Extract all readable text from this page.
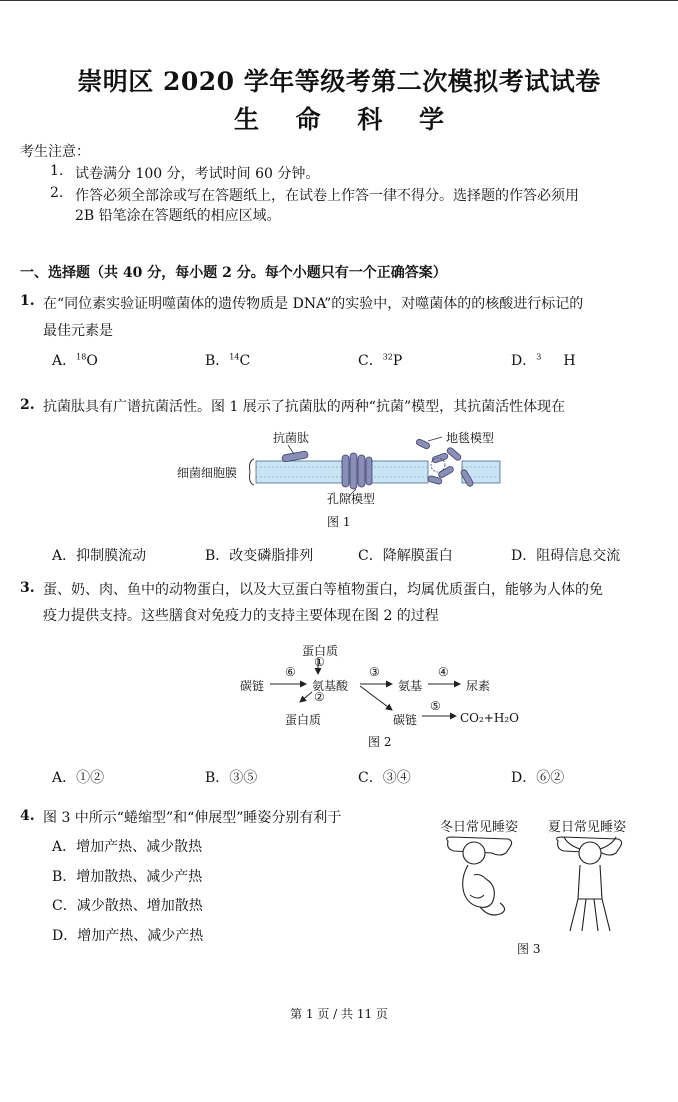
崇明区 2020 学年等级考第二次模拟考试试卷
生 命 科 学
考生注意：
1. 试卷满分 100 分，考试时间 60 分钟。
2. 作答必须全部涂或写在答题纸上，在试卷上作答一律不得分。选择题的作答必须用
2B 铅笔涂在答题纸的相应区域。
一、选择题（共 40 分，每小题 2 分。每个小题只有一个正确答案）
1. 在“同位素实验证明噬菌体的遗传物质是 DNA”的实验中，对噬菌体的的核酸进行标记的
最佳元素是
A．$^{18}$O	B．$^{14}$C	C．$^{32}$P	D．$^3$ H
2. 抗菌肽具有广谱抗菌活性。图 1 展示了抗菌肽的两种“抗菌”模型，其抗菌活性体现在
抗菌肽	地毯模型
细菌细胞膜
孔隙模型
图 1
A．抑制膜流动	B．改变磷脂排列	C．降解膜蛋白	D．阻碍信息交流
3. 蛋、奶、肉、鱼中的动物蛋白，以及大豆蛋白等植物蛋白，均属优质蛋白，能够为人体的免
疫力提供支持。这些膳食对免疫力的支持主要体现在图 2 的过程
蛋白质
①
⑥
碳链	氨基酸
②
③
氨基
④
尿素
蛋白质	碳链
⑤
CO₂+H₂O
图 2
A．①②	B．③⑤	C．③④	D．⑥②
4. 图 3 中所示“蜷缩型”和“伸展型”睡姿分别有利于
A．增加产热、减少散热
B．增加散热、减少产热
C．减少散热、增加散热
D．增加产热、减少产热
冬日常见睡姿 夏日常见睡姿
图 3
第 1 页 / 共 11 页
